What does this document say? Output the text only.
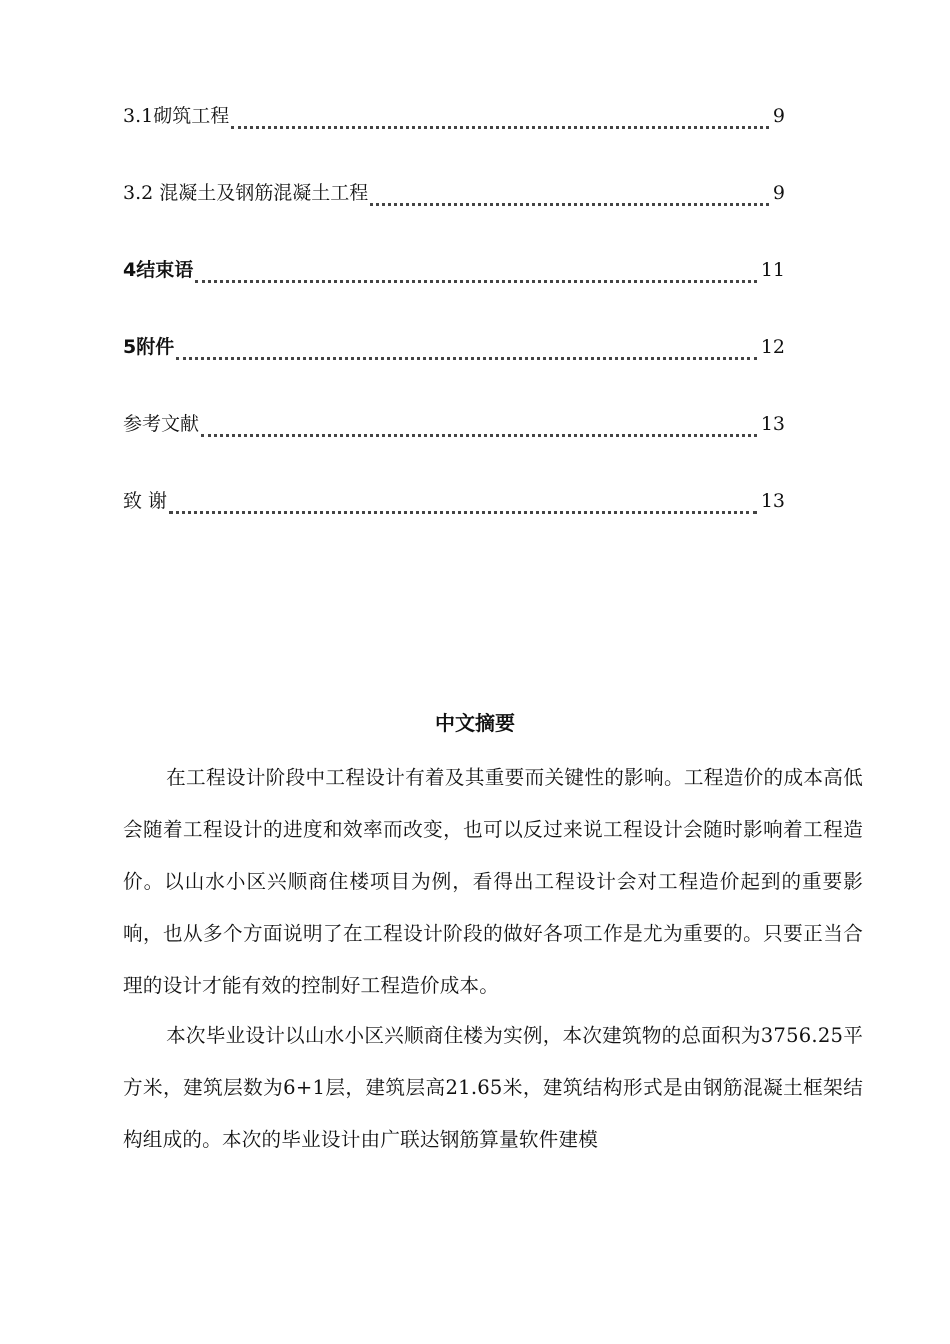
3.1砌筑工程	9
3.2 混凝土及钢筋混凝土工程	9
4结束语	11
5附件	12
参考文献	13
致 谢	13
中文摘要

在工程设计阶段中工程设计有着及其重要而关键性的影响。工程造价的成本高低会随着工程设计的进度和效率而改变，也可以反过来说工程设计会随时影响着工程造价。以山水小区兴顺商住楼项目为例，看得出工程设计会对工程造价起到的重要影响，也从多个方面说明了在工程设计阶段的做好各项工作是尤为重要的。只要正当合理的设计才能有效的控制好工程造价成本。

本次毕业设计以山水小区兴顺商住楼为实例，本次建筑物的总面积为3756.25平方米，建筑层数为6+1层，建筑层高21.65米，建筑结构形式是由钢筋混凝土框架结构组成的。本次的毕业设计由广联达钢筋算量软件建模
